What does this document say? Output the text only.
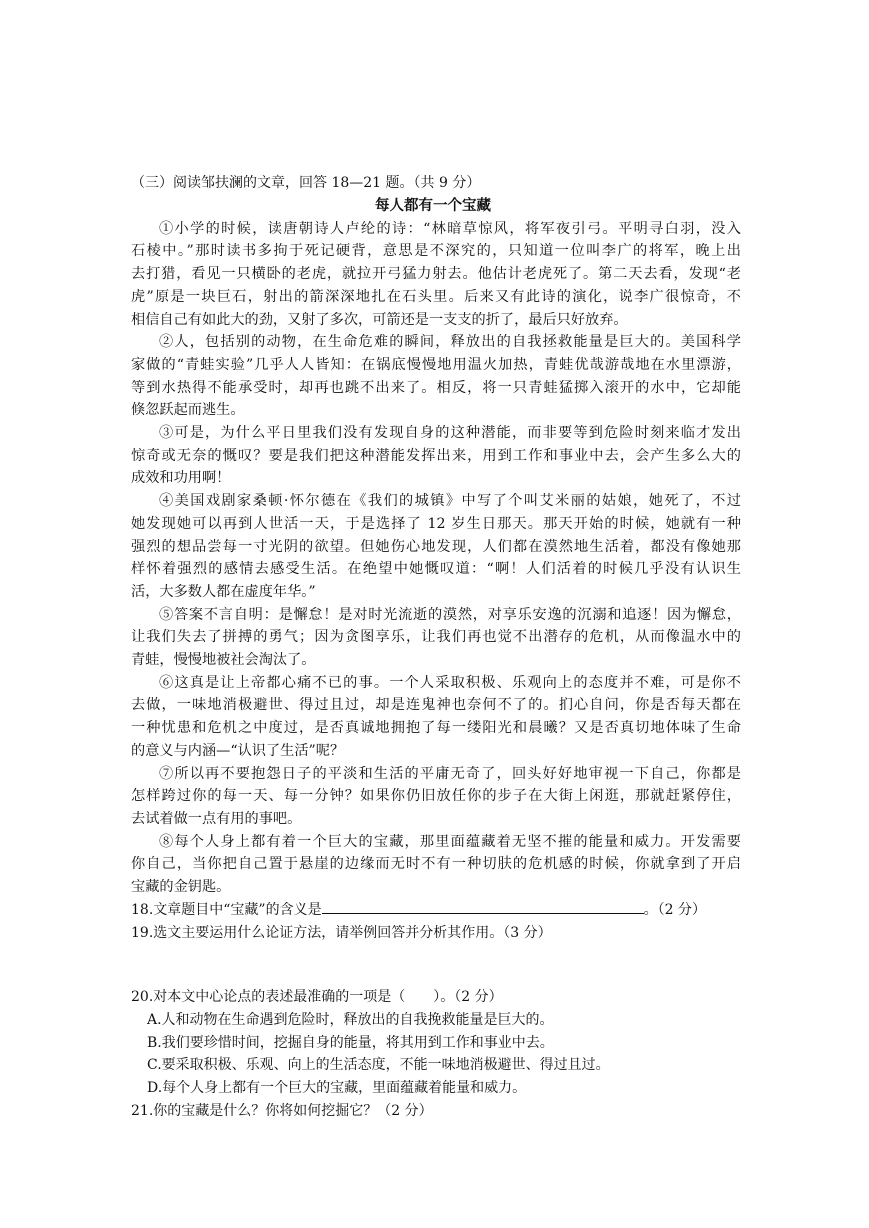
（三）阅读邹扶澜的文章，回答 18—21 题。（共 9 分）
每人都有一个宝藏
①小学的时候，读唐朝诗人卢纶的诗：“林暗草惊风，将军夜引弓。平明寻白羽，没入
石棱中。”那时读书多拘于死记硬背，意思是不深究的，只知道一位叫李广的将军，晚上出
去打猎，看见一只横卧的老虎，就拉开弓猛力射去。他估计老虎死了。第二天去看，发现“老
虎”原是一块巨石，射出的箭深深地扎在石头里。后来又有此诗的演化，说李广很惊奇，不
相信自己有如此大的劲，又射了多次，可箭还是一支支的折了，最后只好放弃。
②人，包括别的动物，在生命危难的瞬间，释放出的自我拯救能量是巨大的。美国科学
家做的“青蛙实验”几乎人人皆知：在锅底慢慢地用温火加热，青蛙优哉游哉地在水里漂游，
等到水热得不能承受时，却再也跳不出来了。相反，将一只青蛙猛掷入滚开的水中，它却能
倏忽跃起而逃生。
③可是，为什么平日里我们没有发现自身的这种潜能，而非要等到危险时刻来临才发出
惊奇或无奈的慨叹？要是我们把这种潜能发挥出来，用到工作和事业中去，会产生多么大的
成效和功用啊！
④美国戏剧家桑顿·怀尔德在《我们的城镇》中写了个叫艾米丽的姑娘，她死了，不过
她发现她可以再到人世活一天，于是选择了 12 岁生日那天。那天开始的时候，她就有一种
强烈的想品尝每一寸光阴的欲望。但她伤心地发现，人们都在漠然地生活着，都没有像她那
样怀着强烈的感情去感受生活。在绝望中她慨叹道：“啊！人们活着的时候几乎没有认识生
活，大多数人都在虚度年华。”
⑤答案不言自明：是懈怠！是对时光流逝的漠然，对享乐安逸的沉溺和追逐！因为懈怠，
让我们失去了拼搏的勇气；因为贪图享乐，让我们再也觉不出潜存的危机，从而像温水中的
青蛙，慢慢地被社会淘汰了。
⑥这真是让上帝都心痛不已的事。一个人采取积极、乐观向上的态度并不难，可是你不
去做，一味地消极避世、得过且过，却是连鬼神也奈何不了的。扪心自问，你是否每天都在
一种忧患和危机之中度过，是否真诚地拥抱了每一缕阳光和晨曦？又是否真切地体味了生命
的意义与内涵—“认识了生活”呢？
⑦所以再不要抱怨日子的平淡和生活的平庸无奇了，回头好好地审视一下自己，你都是
怎样跨过你的每一天、每一分钟？如果你仍旧放任你的步子在大街上闲逛，那就赶紧停住，
去试着做一点有用的事吧。
⑧每个人身上都有着一个巨大的宝藏，那里面蕴藏着无坚不摧的能量和威力。开发需要
你自己，当你把自己置于悬崖的边缘而无时不有一种切肤的危机感的时候，你就拿到了开启
宝藏的金钥匙。
18.文章题目中“宝藏”的含义是	。（2 分）
19.选文主要运用什么论证方法，请举例回答并分析其作用。（3 分）
20.对本文中心论点的表述最准确的一项是（　　）。（2 分）
A.人和动物在生命遇到危险时，释放出的自我挽救能量是巨大的。
B.我们要珍惜时间，挖掘自身的能量，将其用到工作和事业中去。
C.要采取积极、乐观、向上的生活态度，不能一味地消极避世、得过且过。
D.每个人身上都有一个巨大的宝藏，里面蕴藏着能量和威力。
21.你的宝藏是什么？你将如何挖掘它？（2 分）
